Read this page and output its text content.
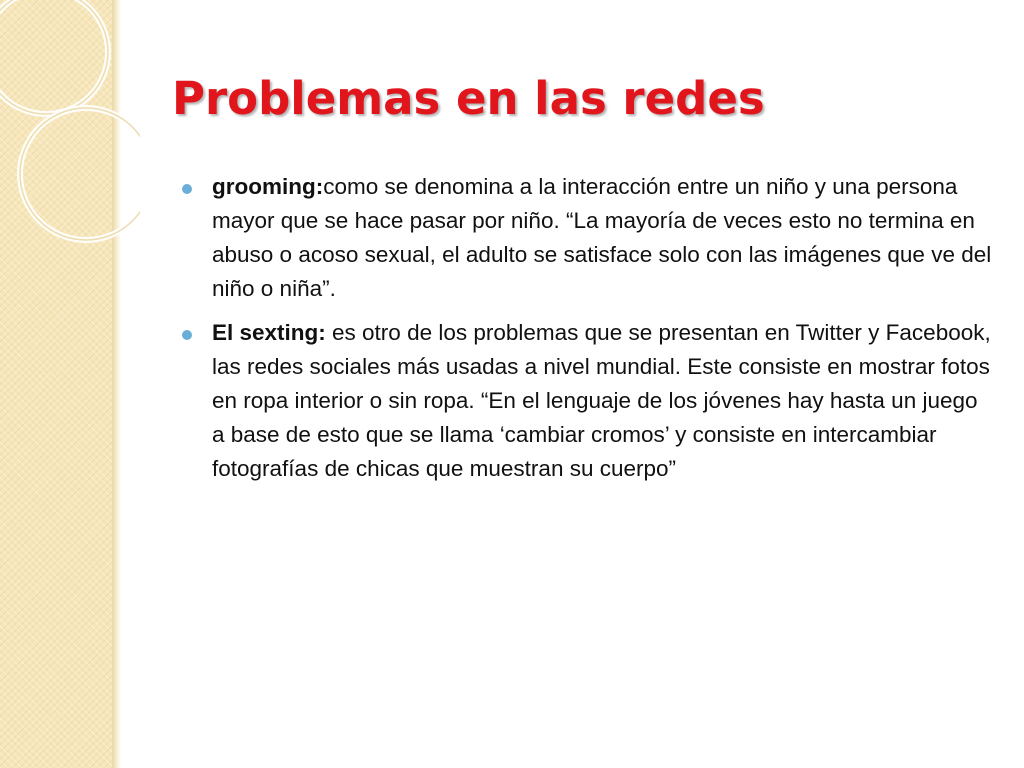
Problemas en las redes
grooming:como se denomina a la interacción entre un niño y una persona mayor que se hace pasar por niño. “La mayoría de veces esto no termina en abuso o acoso sexual, el adulto se satisface solo con las imágenes que ve del niño o niña”.
El sexting: es otro de los problemas que se presentan en Twitter y Facebook, las redes sociales más usadas a nivel mundial. Este consiste en mostrar fotos en ropa interior o sin ropa. “En el lenguaje de los jóvenes hay hasta un juego a base de esto que se llama ‘cambiar cromos’ y consiste en intercambiar fotografías de chicas que muestran su cuerpo”
